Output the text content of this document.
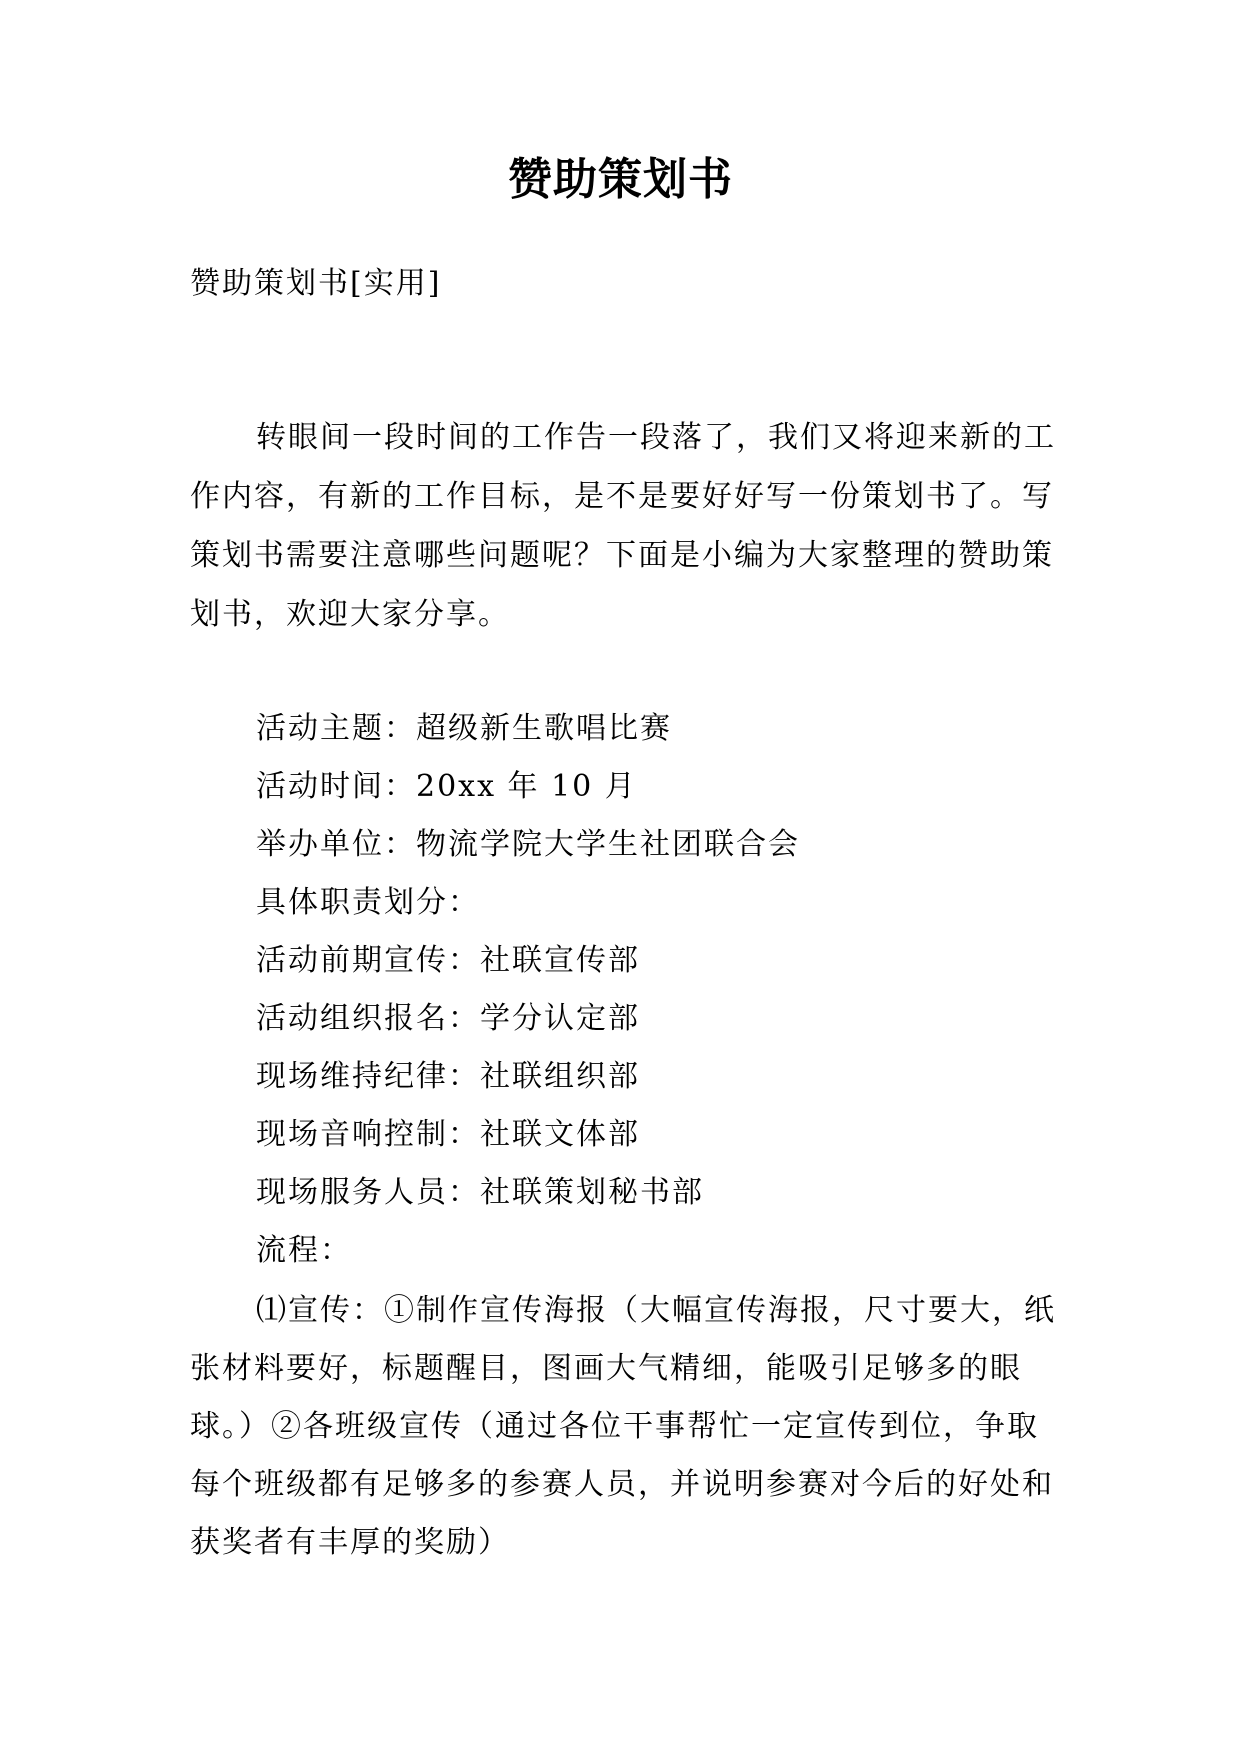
赞助策划书
赞助策划书[实用]

转眼间一段时间的工作告一段落了，我们又将迎来新的工作内容，有新的工作目标，是不是要好好写一份策划书了。写策划书需要注意哪些问题呢？下面是小编为大家整理的赞助策划书，欢迎大家分享。

活动主题：超级新生歌唱比赛
活动时间：20xx 年 10 月
举办单位：物流学院大学生社团联合会
具体职责划分：
活动前期宣传：社联宣传部
活动组织报名：学分认定部
现场维持纪律：社联组织部
现场音响控制：社联文体部
现场服务人员：社联策划秘书部
流程：

⑴宣传：①制作宣传海报（大幅宣传海报，尺寸要大，纸张材料要好，标题醒目，图画大气精细，能吸引足够多的眼球。）②各班级宣传（通过各位干事帮忙一定宣传到位，争取每个班级都有足够多的参赛人员，并说明参赛对今后的好处和获奖者有丰厚的奖励）
